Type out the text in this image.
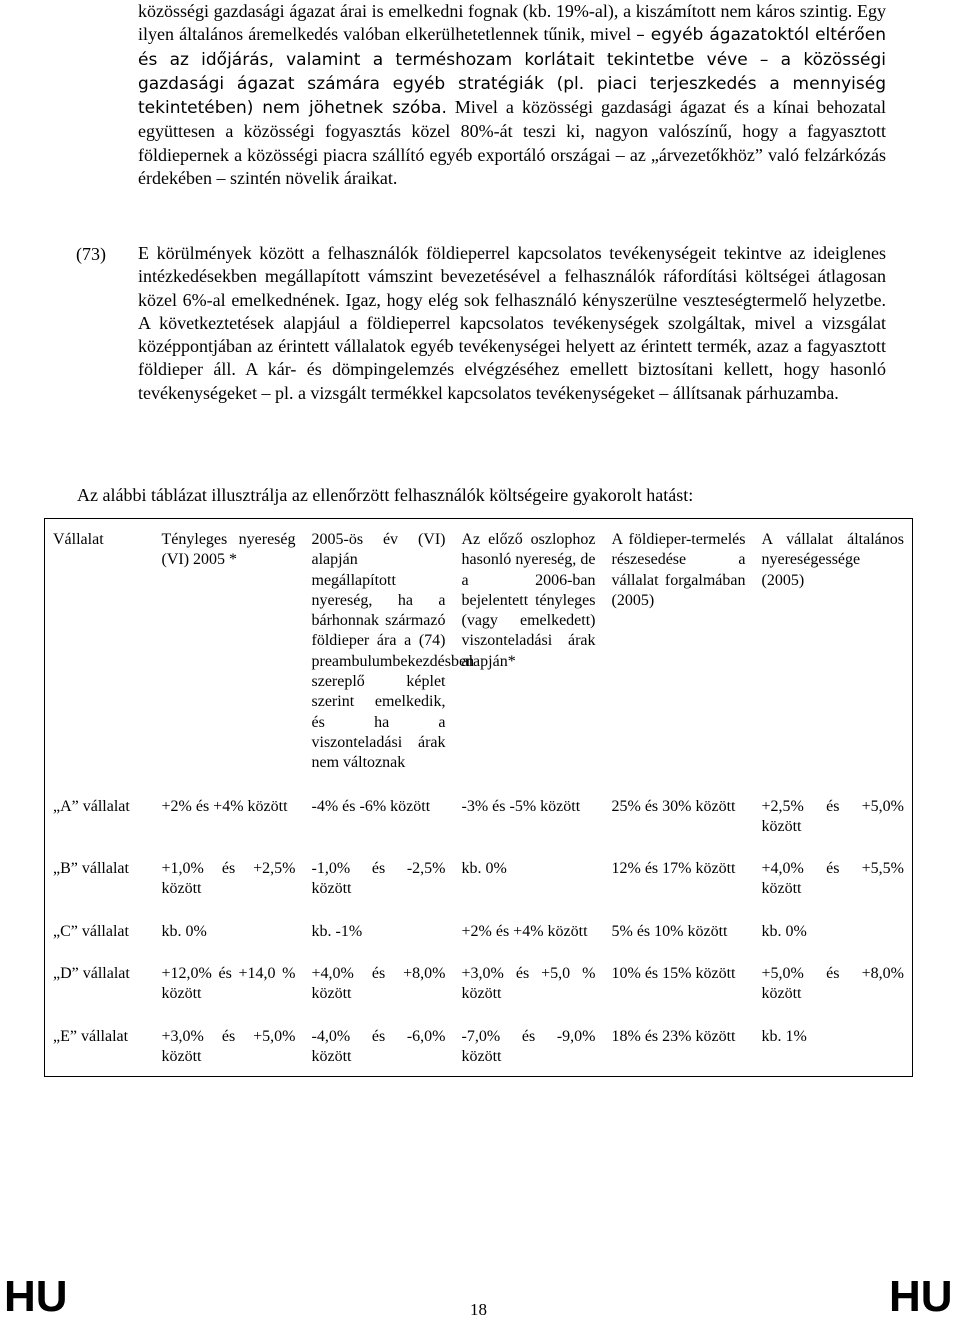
közösségi gazdasági ágazat árai is emelkedni fognak (kb. 19%-al), a kiszámított nem káros szintig. Egy ilyen általános áremelkedés valóban elkerülhetetlennek tűnik, mivel – egyéb ágazatoktól eltérően és az időjárás, valamint a terméshozam korlátait tekintetbe véve – a közösségi gazdasági ágazat számára egyéb stratégiák (pl. piaci terjeszkedés a mennyiség tekintetében) nem jöhetnek szóba. Mivel a közösségi gazdasági ágazat és a kínai behozatal együttesen a közösségi fogyasztás közel 80%-át teszi ki, nagyon valószínű, hogy a fagyasztott földiepernek a közösségi piacra szállító egyéb exportáló országai – az „árvezetőkhöz” való felzárkózás érdekében – szintén növelik áraikat.
(73) E körülmények között a felhasználók földieperrel kapcsolatos tevékenységeit tekintve az ideiglenes intézkedésekben megállapított vámszint bevezetésével a felhasználók ráfordítási költségei átlagosan közel 6%-al emelkednének. Igaz, hogy elég sok felhasználó kényszerülne veszteségtermelő helyzetbe. A következtetések alapjául a földieperrel kapcsolatos tevékenységek szolgáltak, mivel a vizsgálat középpontjában az érintett vállalatok egyéb tevékenységei helyett az érintett termék, azaz a fagyasztott földieper áll. A kár- és dömpingelemzés elvégzéséhez emellett biztosítani kellett, hogy hasonló tevékenységeket – pl. a vizsgált termékkel kapcsolatos tevékenységeket – állítsanak párhuzamba.
Az alábbi táblázat illusztrálja az ellenőrzött felhasználók költségeire gyakorolt hatást:
Vállalat	Tényleges nyereség (VI) 2005 *	2005-ös év (VI) alapján megállapított nyereség, ha a bárhonnak származó földieper ára a (74) preambulumbekezdésben szereplő képlet szerint emelkedik, és ha a viszonteladási árak nem változnak	Az előző oszlophoz hasonló nyereség, de a 2006-ban bejelentett tényleges (vagy emelkedett) viszonteladási árak alapján*	A földieper-termelés részesedése a vállalat forgalmában (2005)	A vállalat általános nyereségessége (2005)
„A” vállalat	+2% és +4% között	-4% és -6% között	-3% és -5% között	25% és 30% között	+2,5% és +5,0% között
„B” vállalat	+1,0% és +2,5% között	-1,0% és -2,5% között	kb. 0%	12% és 17% között	+4,0% és +5,5% között
„C” vállalat	kb. 0%	kb. -1%	+2% és +4% között	5% és 10% között	kb. 0%
„D” vállalat	+12,0% és +14,0 % között	+4,0% és +8,0% között	+3,0% és +5,0 % között	10% és 15% között	+5,0% és +8,0% között
„E” vállalat	+3,0% és +5,0% között	-4,0% és -6,0% között	-7,0% és -9,0% között	18% és 23% között	kb. 1%
HU	18	HU
